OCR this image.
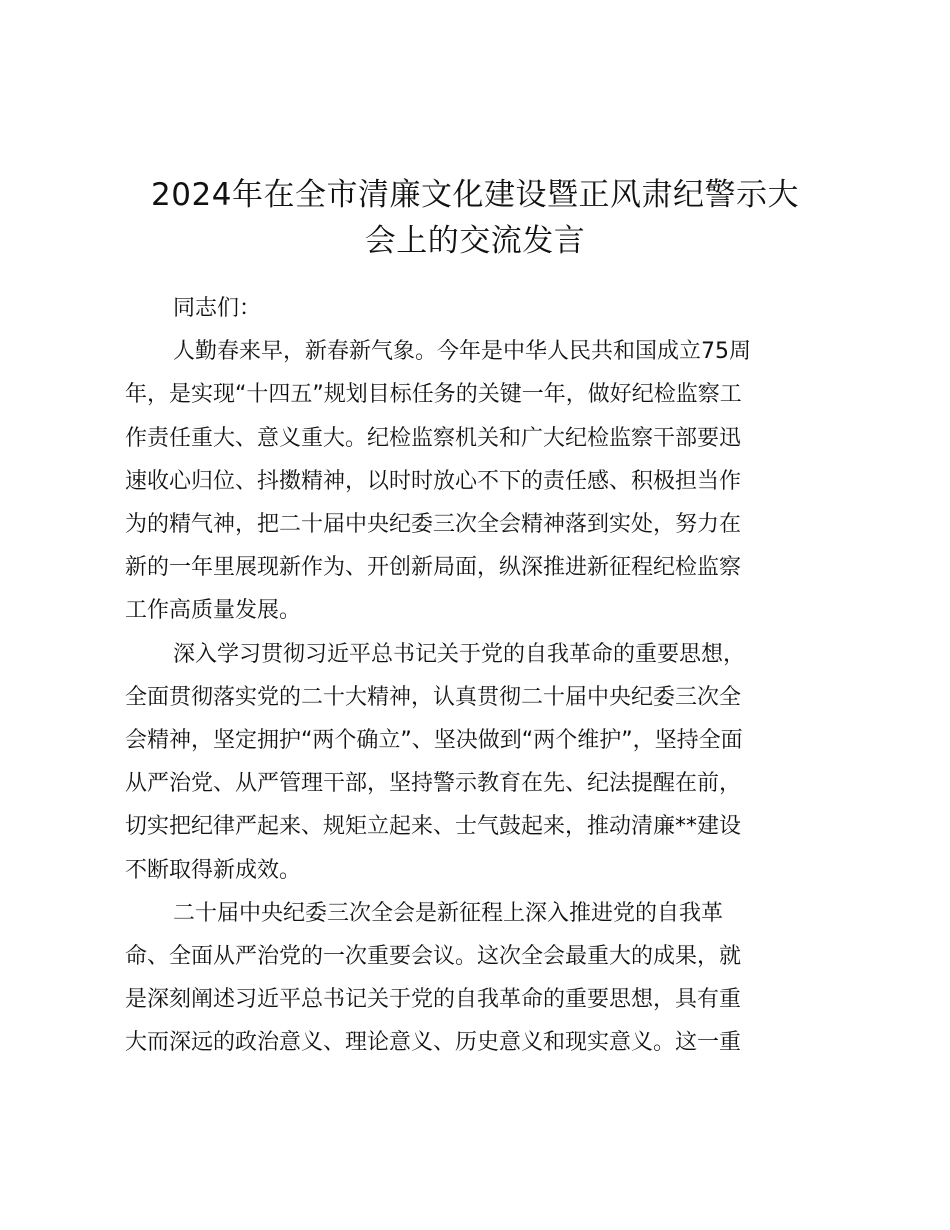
2024年在全市清廉文化建设暨正风肃纪警示大
会上的交流发言

同志们：

人勤春来早，新春新气象。今年是中华人民共和国成立75周
年，是实现“十四五”规划目标任务的关键一年，做好纪检监察工
作责任重大、意义重大。纪检监察机关和广大纪检监察干部要迅
速收心归位、抖擞精神，以时时放心不下的责任感、积极担当作
为的精气神，把二十届中央纪委三次全会精神落到实处，努力在
新的一年里展现新作为、开创新局面，纵深推进新征程纪检监察
工作高质量发展。

深入学习贯彻习近平总书记关于党的自我革命的重要思想，
全面贯彻落实党的二十大精神，认真贯彻二十届中央纪委三次全
会精神，坚定拥护“两个确立”、坚决做到“两个维护”，坚持全面
从严治党、从严管理干部，坚持警示教育在先、纪法提醒在前，
切实把纪律严起来、规矩立起来、士气鼓起来，推动清廉**建设
不断取得新成效。

二十届中央纪委三次全会是新征程上深入推进党的自我革
命、全面从严治党的一次重要会议。这次全会最重大的成果，就
是深刻阐述习近平总书记关于党的自我革命的重要思想，具有重
大而深远的政治意义、理论意义、历史意义和现实意义。这一重
